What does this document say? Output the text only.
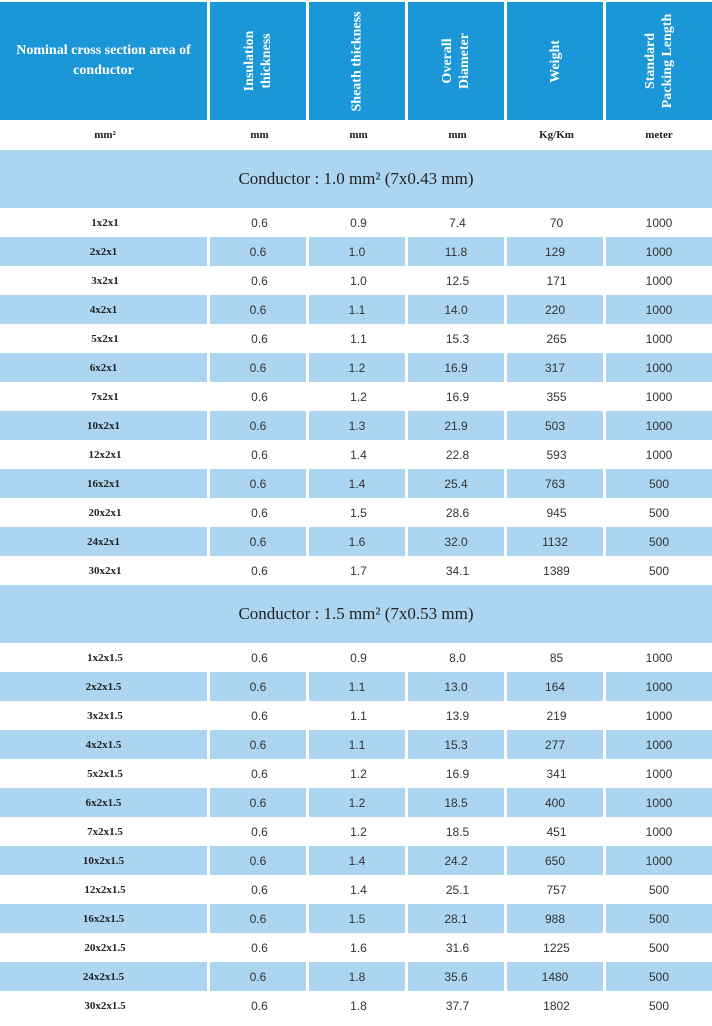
Nominal cross section area of conductor	Insulation thickness	Sheath thickness	Overall Diameter	Weight	Standard Packing Length
mm²	mm	mm	mm	Kg/Km	meter
Conductor : 1.0 mm² (7x0.43 mm)
1x2x1	0.6	0.9	7.4	70	1000
2x2x1	0.6	1.0	11.8	129	1000
3x2x1	0.6	1.0	12.5	171	1000
4x2x1	0.6	1.1	14.0	220	1000
5x2x1	0.6	1.1	15.3	265	1000
6x2x1	0.6	1.2	16.9	317	1000
7x2x1	0.6	1.2	16.9	355	1000
10x2x1	0.6	1.3	21.9	503	1000
12x2x1	0.6	1.4	22.8	593	1000
16x2x1	0.6	1.4	25.4	763	500
20x2x1	0.6	1.5	28.6	945	500
24x2x1	0.6	1.6	32.0	1132	500
30x2x1	0.6	1.7	34.1	1389	500
Conductor : 1.5 mm² (7x0.53 mm)
1x2x1.5	0.6	0.9	8.0	85	1000
2x2x1.5	0.6	1.1	13.0	164	1000
3x2x1.5	0.6	1.1	13.9	219	1000
4x2x1.5	0.6	1.1	15.3	277	1000
5x2x1.5	0.6	1.2	16.9	341	1000
6x2x1.5	0.6	1.2	18.5	400	1000
7x2x1.5	0.6	1.2	18.5	451	1000
10x2x1.5	0.6	1.4	24.2	650	1000
12x2x1.5	0.6	1.4	25.1	757	500
16x2x1.5	0.6	1.5	28.1	988	500
20x2x1.5	0.6	1.6	31.6	1225	500
24x2x1.5	0.6	1.8	35.6	1480	500
30x2x1.5	0.6	1.8	37.7	1802	500
